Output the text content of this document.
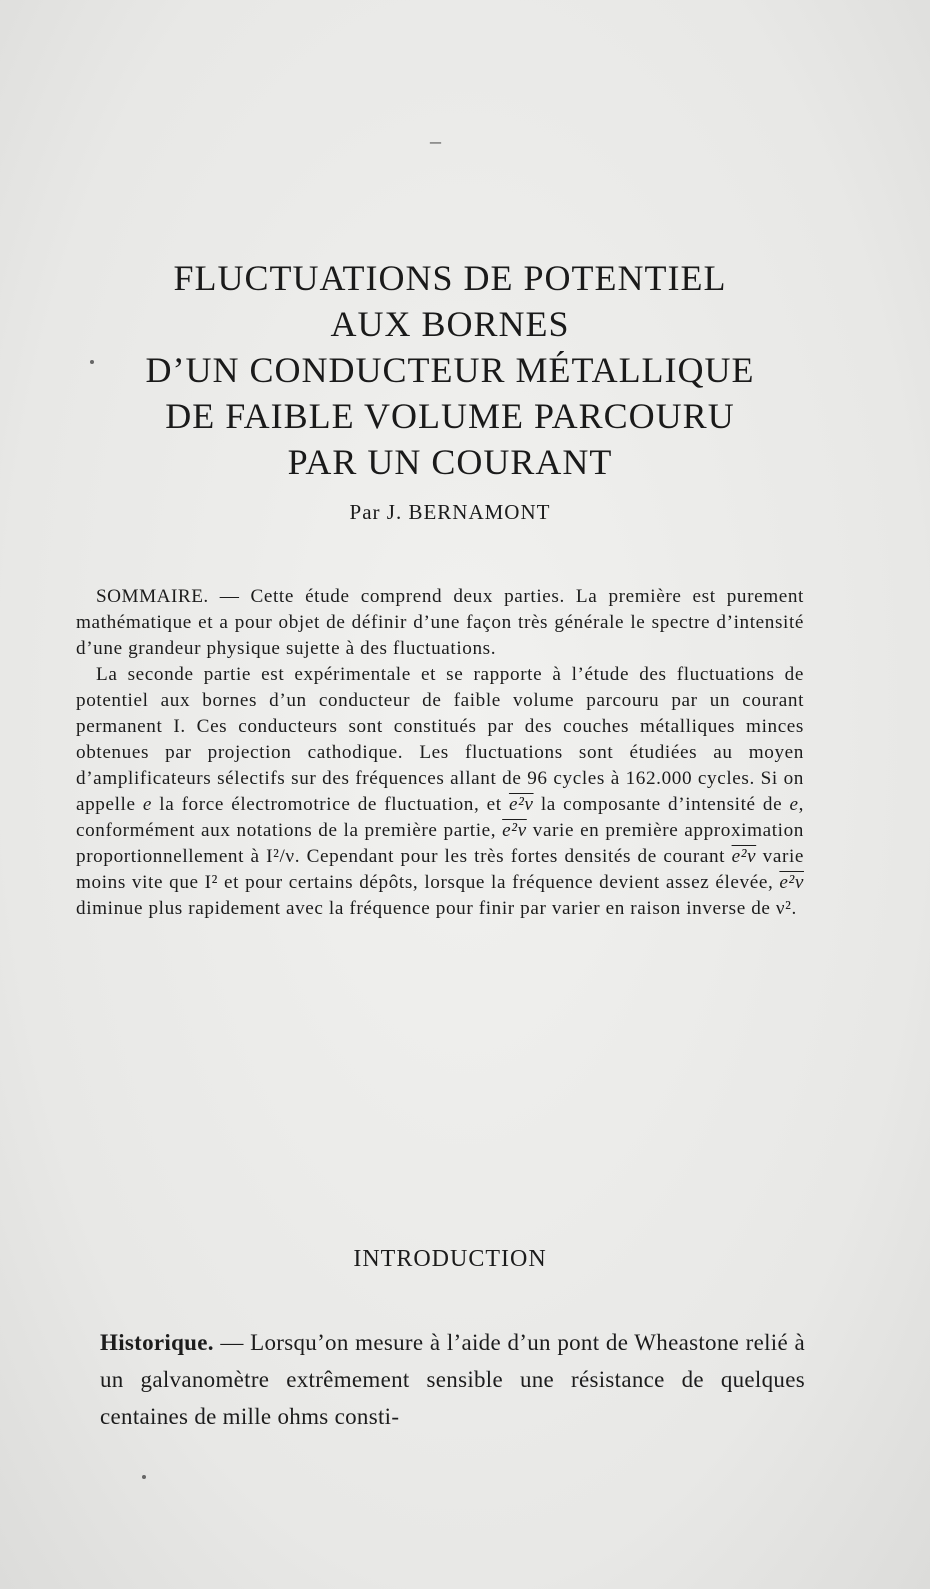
–
FLUCTUATIONS DE POTENTIEL
AUX BORNES
D’UN CONDUCTEUR MÉTALLIQUE
DE FAIBLE VOLUME PARCOURU
PAR UN COURANT
Par J. BERNAMONT

SOMMAIRE. — Cette étude comprend deux parties. La première est purement mathématique et a pour objet de définir d’une façon très générale le spectre d’intensité d’une grandeur physique sujette à des fluctuations.

La seconde partie est expérimentale et se rapporte à l’étude des fluctuations de potentiel aux bornes d’un conducteur de faible volume parcouru par un courant permanent I. Ces conducteurs sont constitués par des couches métalliques minces obtenues par projection cathodique. Les fluctuations sont étudiées au moyen d’amplificateurs sélectifs sur des fréquences allant de 96 cycles à 162.000 cycles. Si on appelle e la force électromotrice de fluctuation, et e²ν la composante d’intensité de e, conformément aux notations de la première partie, e²ν varie en première approximation proportionnellement à I²/ν. Cependant pour les très fortes densités de courant e²ν varie moins vite que I² et pour certains dépôts, lorsque la fréquence devient assez élevée, e²ν diminue plus rapidement avec la fréquence pour finir par varier en raison inverse de ν².

INTRODUCTION

Historique. — Lorsqu’on mesure à l’aide d’un pont de Wheastone relié à un galvanomètre extrêmement sensible une résistance de quelques centaines de mille ohms consti-
